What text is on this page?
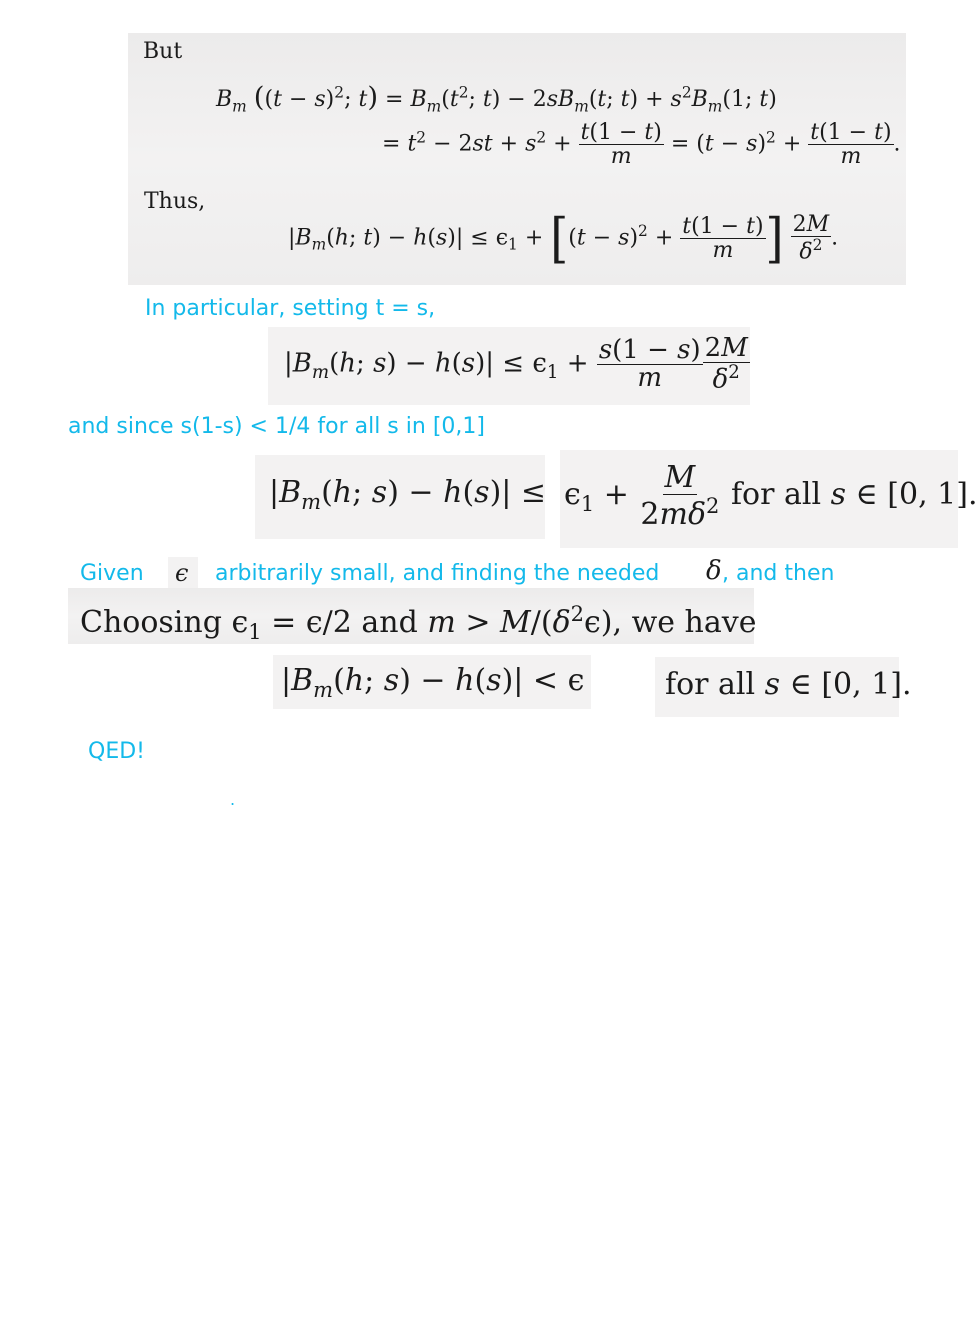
But
$B_m$ ($(t - s)^2$; $t) = B_m(t^2$; $t) - 2sB_m(t$; $t) + s^2B_m(1$; t)
= $t^2 - 2st + s^2 + \frac{t(1 - t)}{m} = (t - s)^2 + \frac{t(1 - t)}{m}$ .
Thus,
$|B_m(h$; $t) - h(s)| \le \epsilon_1 + [(t - s)^2 + \frac{t(1 - t)}{m}$ ] $\frac{2M}{\delta^2}$ .
In particular, setting t = s,
$|B_m(h$; $s) - h(s)| \le \epsilon_1 + \frac{s(1 - s)}{m} \frac{2M}{\delta^2}$
and since s(1-s) < 1/4 for all s in [0,1]
$|B_m(h$; $s) - h(s)| \le \epsilon_1 + \frac{M}{2m\delta^2}$ for all s ∈ [0, 1].
Given ϵ arbitrarily small, and finding the needed δ , and then
Choosing $\epsilon_1 = \epsilon/2$ and $m > M/(\delta^2\epsilon)$, we have
$|B_m(h$; s) − h(s)| < ϵ	for all s ∈ [0, 1].
QED!
.
